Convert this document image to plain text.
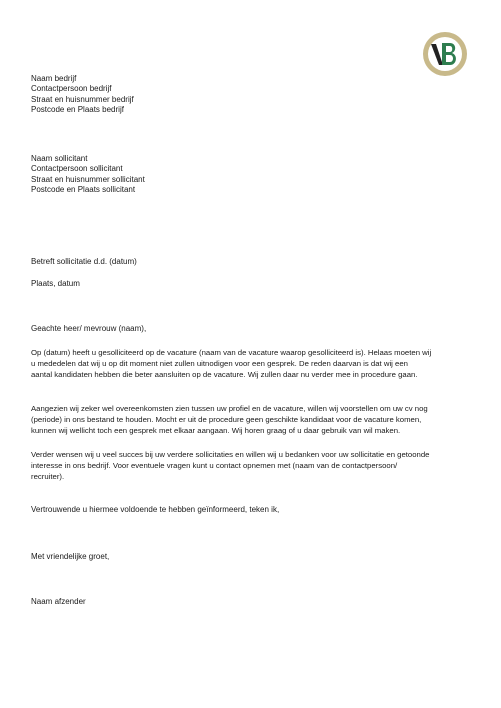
Naam bedrijf
Contactpersoon bedrijf
Straat en huisnummer bedrijf
Postcode en Plaats bedrijf
Naam sollicitant
Contactpersoon sollicitant
Straat en huisnummer sollicitant
Postcode en Plaats sollicitant
Betreft sollicitatie d.d. (datum)
Plaats, datum
Geachte heer/ mevrouw (naam),
Op (datum) heeft u gesolliciteerd op de vacature (naam van de vacature waarop gesolliciteerd is). Helaas moeten wij
u mededelen dat wij u op dit moment niet zullen uitnodigen voor een gesprek. De reden daarvan is dat wij een
aantal kandidaten hebben die beter aansluiten op de vacature. Wij zullen daar nu verder mee in procedure gaan.
Aangezien wij zeker wel overeenkomsten zien tussen uw profiel en de vacature, willen wij voorstellen om uw cv nog
(periode) in ons bestand te houden. Mocht er uit de procedure geen geschikte kandidaat voor de vacature komen,
kunnen wij wellicht toch een gesprek met elkaar aangaan. Wij horen graag of u daar gebruik van wil maken.
Verder wensen wij u veel succes bij uw verdere sollicitaties en willen wij u bedanken voor uw sollicitatie en getoonde
interesse in ons bedrijf. Voor eventuele vragen kunt u contact opnemen met (naam van de contactpersoon/
recruiter).
Vertrouwende u hiermee voldoende te hebben geïnformeerd, teken ik,
Met vriendelijke groet,
Naam afzender
